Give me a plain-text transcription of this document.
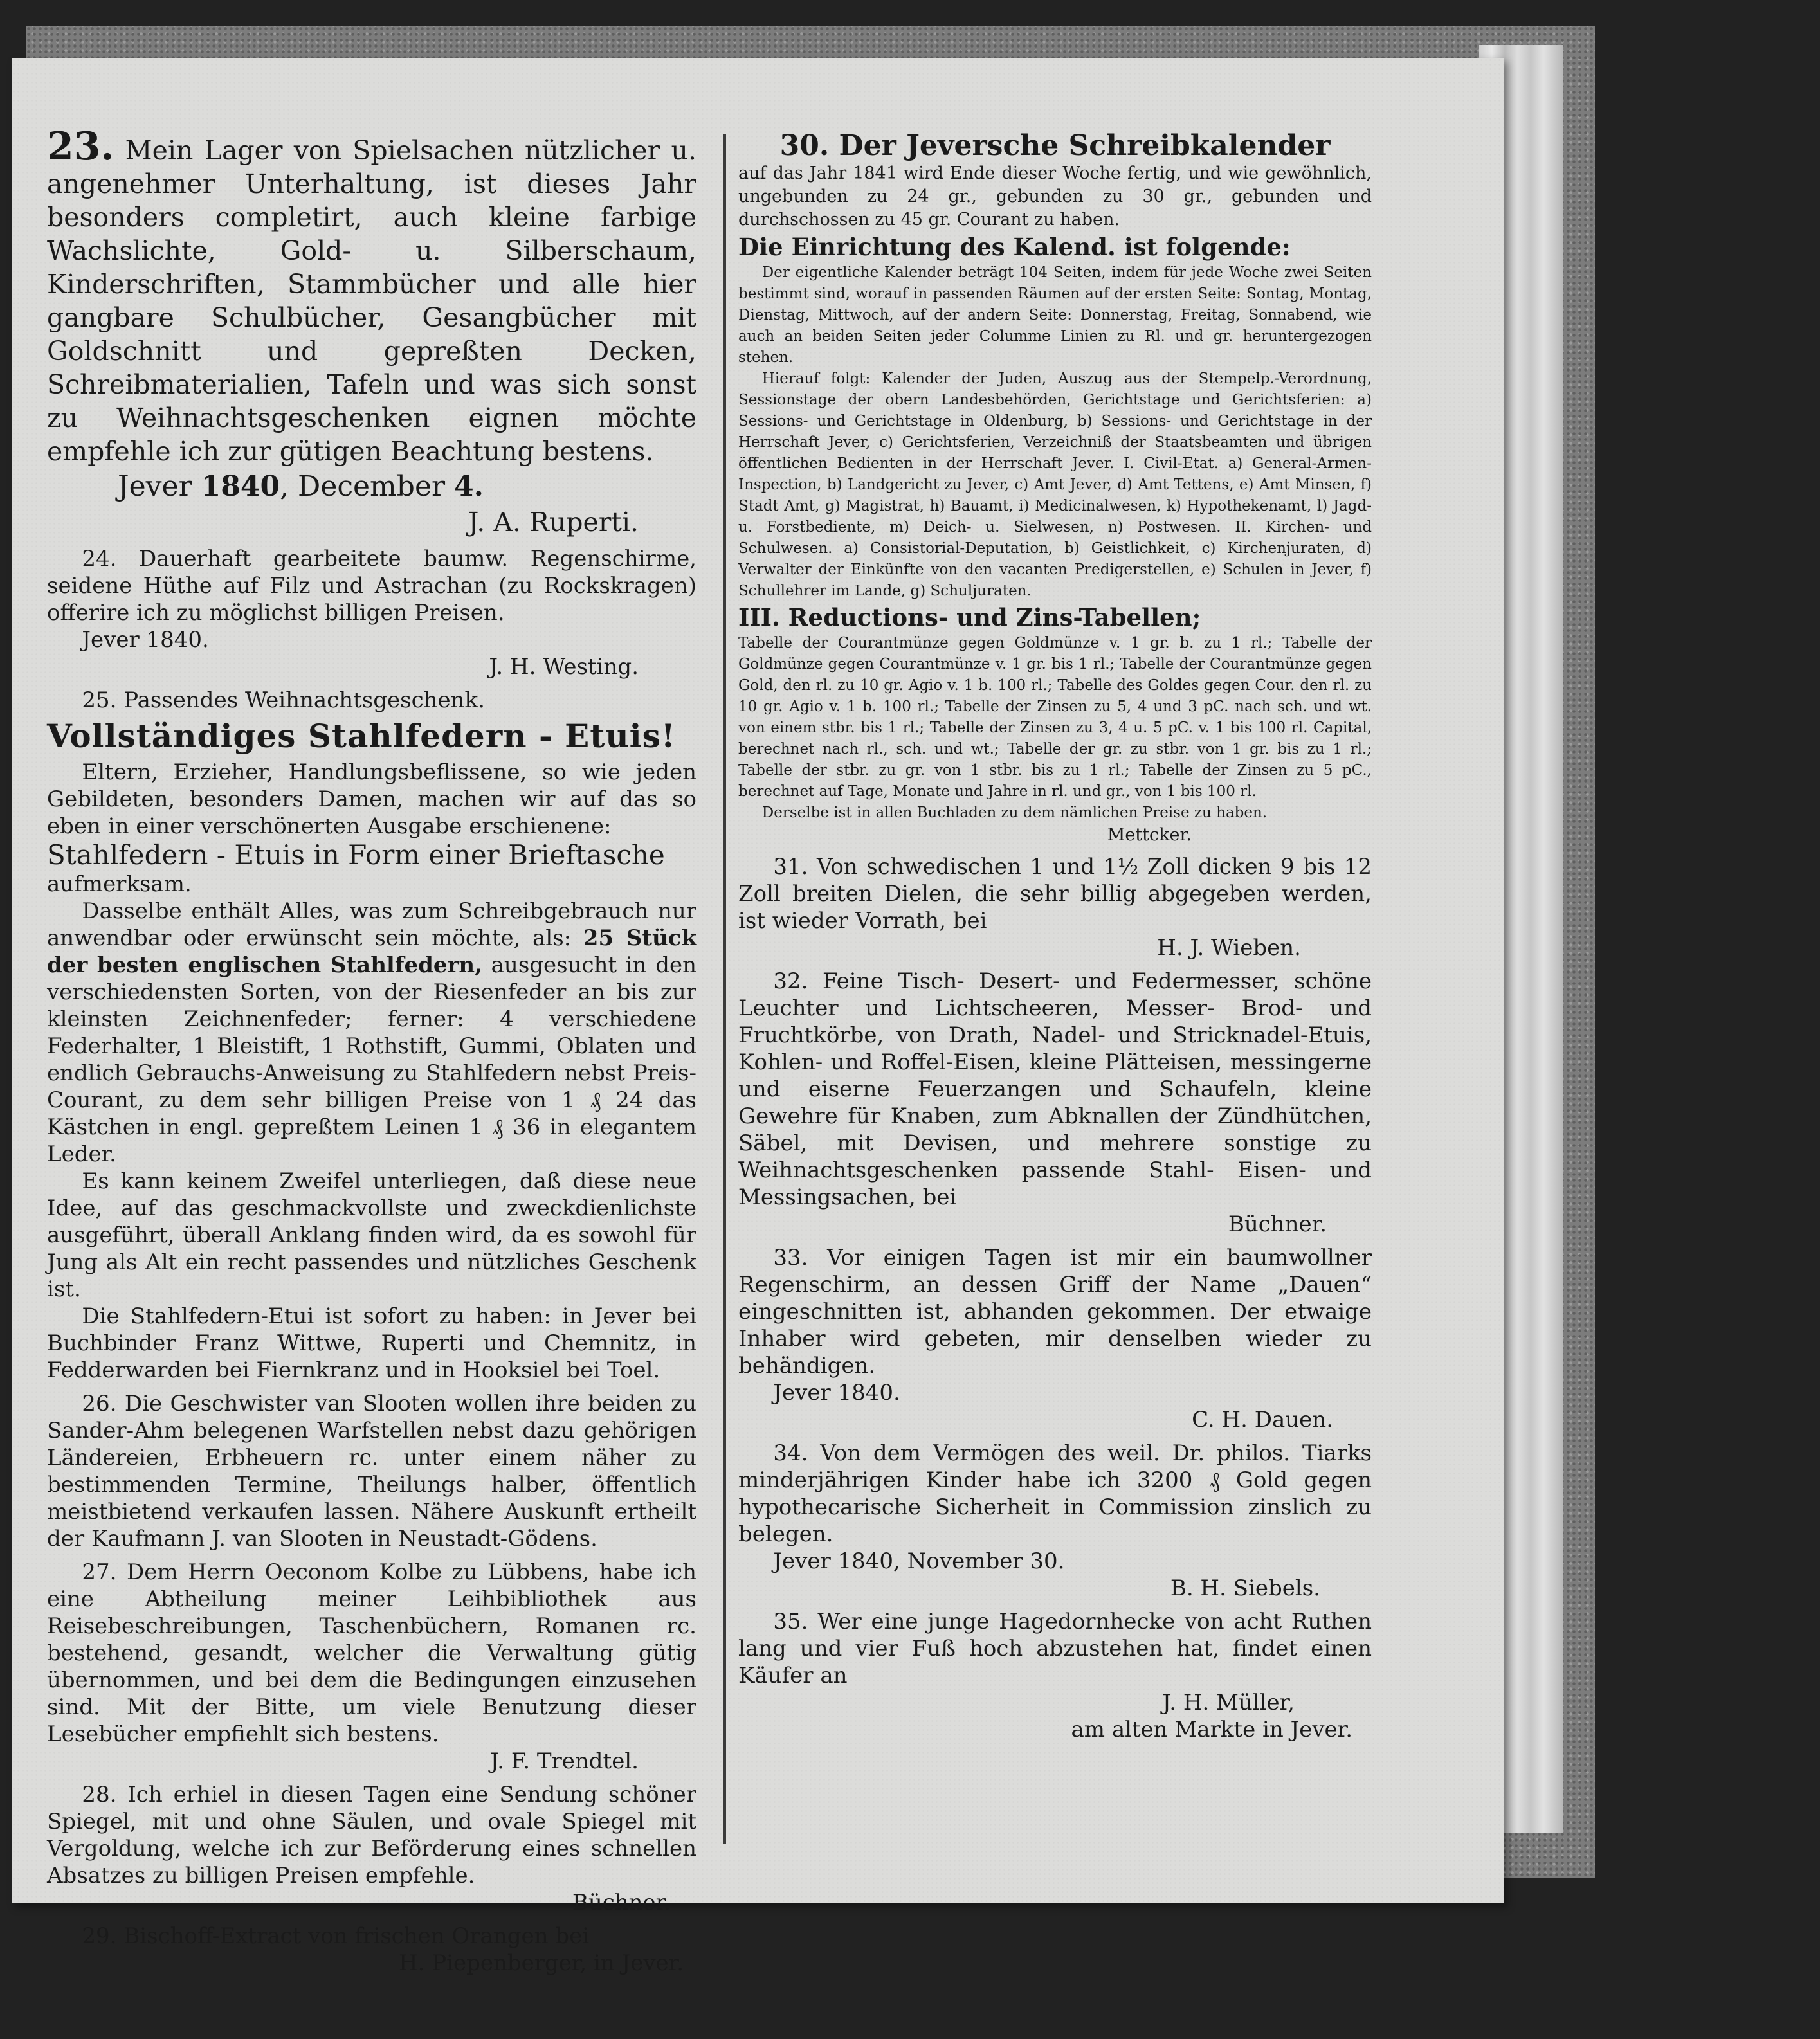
23. Mein Lager von Spielsachen nützlicher u. angenehmer Unterhaltung, ist dieses Jahr besonders completirt, auch kleine farbige Wachslichte, Gold- u. Silberschaum, Kinderschriften, Stammbücher und alle hier gangbare Schulbücher, Gesangbücher mit Goldschnitt und gepreßten Decken, Schreibmaterialien, Tafeln und was sich sonst zu Weihnachtsgeschenken eignen möchte empfehle ich zur gütigen Beachtung bestens.

Jever 1840, December 4.

J. A. Ruperti.

24. Dauerhaft gearbeitete baumw. Regenschirme, seidene Hüthe auf Filz und Astrachan (zu Rockskragen) offerire ich zu möglichst billigen Preisen.

Jever 1840.

J. H. Westing.

25. Passendes Weihnachtsgeschenk.

Vollständiges Stahlfedern - Etuis!

Eltern, Erzieher, Handlungsbeflissene, so wie jeden Gebildeten, besonders Damen, machen wir auf das so eben in einer verschönerten Ausgabe erschienene:

Stahlfedern - Etuis in Form einer Brieftasche

aufmerksam.

Dasselbe enthält Alles, was zum Schreibgebrauch nur anwendbar oder erwünscht sein möchte, als: 25 Stück der besten englischen Stahlfedern, ausgesucht in den verschiedensten Sorten, von der Riesenfeder an bis zur kleinsten Zeichnenfeder; ferner: 4 verschiedene Federhalter, 1 Bleistift, 1 Rothstift, Gummi, Oblaten und endlich Gebrauchs-Anweisung zu Stahlfedern nebst Preis-Courant, zu dem sehr billigen Preise von 1 ₰ 24 das Kästchen in engl. gepreßtem Leinen 1 ₰ 36 in elegantem Leder.

Es kann keinem Zweifel unterliegen, daß diese neue Idee, auf das geschmackvollste und zweckdienlichste ausgeführt, überall Anklang finden wird, da es sowohl für Jung als Alt ein recht passendes und nützliches Geschenk ist.

Die Stahlfedern-Etui ist sofort zu haben: in Jever bei Buchbinder Franz Wittwe, Ruperti und Chemnitz, in Fedderwarden bei Fiernkranz und in Hooksiel bei Toel.

26. Die Geschwister van Slooten wollen ihre beiden zu Sander-Ahm belegenen Warfstellen nebst dazu gehörigen Ländereien, Erbheuern rc. unter einem näher zu bestimmenden Termine, Theilungs halber, öffentlich meistbietend verkaufen lassen. Nähere Auskunft ertheilt der Kaufmann J. van Slooten in Neustadt-Gödens.

27. Dem Herrn Oeconom Kolbe zu Lübbens, habe ich eine Abtheilung meiner Leihbibliothek aus Reisebeschreibungen, Taschenbüchern, Romanen rc. bestehend, gesandt, welcher die Verwaltung gütig übernommen, und bei dem die Bedingungen einzusehen sind. Mit der Bitte, um viele Benutzung dieser Lesebücher empfiehlt sich bestens.

J. F. Trendtel.

28. Ich erhiel in diesen Tagen eine Sendung schöner Spiegel, mit und ohne Säulen, und ovale Spiegel mit Vergoldung, welche ich zur Beförderung eines schnellen Absatzes zu billigen Preisen empfehle.

Büchner.

29. Bischoff-Extract von frischen Orangen bei

H. Piepenberger, in Jever.

30. Der Jeversche Schreibkalender

auf das Jahr 1841 wird Ende dieser Woche fertig, und wie gewöhnlich, ungebunden zu 24 gr., gebunden zu 30 gr., gebunden und durchschossen zu 45 gr. Courant zu haben.

Die Einrichtung des Kalend. ist folgende:

Der eigentliche Kalender beträgt 104 Seiten, indem für jede Woche zwei Seiten bestimmt sind, worauf in passenden Räumen auf der ersten Seite: Sontag, Montag, Dienstag, Mittwoch, auf der andern Seite: Donnerstag, Freitag, Sonnabend, wie auch an beiden Seiten jeder Columme Linien zu Rl. und gr. heruntergezogen stehen.

Hierauf folgt: Kalender der Juden, Auszug aus der Stempelp.-Verordnung, Sessionstage der obern Landesbehörden, Gerichtstage und Gerichtsferien: a) Sessions- und Gerichtstage in Oldenburg, b) Sessions- und Gerichtstage in der Herrschaft Jever, c) Gerichtsferien, Verzeichniß der Staatsbeamten und übrigen öffentlichen Bedienten in der Herrschaft Jever. I. Civil-Etat. a) General-Armen-Inspection, b) Landgericht zu Jever, c) Amt Jever, d) Amt Tettens, e) Amt Minsen, f) Stadt Amt, g) Magistrat, h) Bauamt, i) Medicinalwesen, k) Hypothekenamt, l) Jagd- u. Forstbediente, m) Deich- u. Sielwesen, n) Postwesen. II. Kirchen- und Schulwesen. a) Consistorial-Deputation, b) Geistlichkeit, c) Kirchenjuraten, d) Verwalter der Einkünfte von den vacanten Predigerstellen, e) Schulen in Jever, f) Schullehrer im Lande, g) Schuljuraten.

III. Reductions- und Zins-Tabellen;

Tabelle der Courantmünze gegen Goldmünze v. 1 gr. b. zu 1 rl.; Tabelle der Goldmünze gegen Courantmünze v. 1 gr. bis 1 rl.; Tabelle der Courantmünze gegen Gold, den rl. zu 10 gr. Agio v. 1 b. 100 rl.; Tabelle des Goldes gegen Cour. den rl. zu 10 gr. Agio v. 1 b. 100 rl.; Tabelle der Zinsen zu 5, 4 und 3 pC. nach sch. und wt. von einem stbr. bis 1 rl.; Tabelle der Zinsen zu 3, 4 u. 5 pC. v. 1 bis 100 rl. Capital, berechnet nach rl., sch. und wt.; Tabelle der gr. zu stbr. von 1 gr. bis zu 1 rl.; Tabelle der stbr. zu gr. von 1 stbr. bis zu 1 rl.; Tabelle der Zinsen zu 5 pC., berechnet auf Tage, Monate und Jahre in rl. und gr., von 1 bis 100 rl.

Derselbe ist in allen Buchladen zu dem nämlichen Preise zu haben.

Mettcker.

31. Von schwedischen 1 und 1½ Zoll dicken 9 bis 12 Zoll breiten Dielen, die sehr billig abgegeben werden, ist wieder Vorrath, bei

H. J. Wieben.

32. Feine Tisch- Desert- und Federmesser, schöne Leuchter und Lichtscheeren, Messer- Brod- und Fruchtkörbe, von Drath, Nadel- und Stricknadel-Etuis, Kohlen- und Roffel-Eisen, kleine Plätteisen, messingerne und eiserne Feuerzangen und Schaufeln, kleine Gewehre für Knaben, zum Abknallen der Zündhütchen, Säbel, mit Devisen, und mehrere sonstige zu Weihnachtsgeschenken passende Stahl- Eisen- und Messingsachen, bei

Büchner.

33. Vor einigen Tagen ist mir ein baumwollner Regenschirm, an dessen Griff der Name „Dauen“ eingeschnitten ist, abhanden gekommen. Der etwaige Inhaber wird gebeten, mir denselben wieder zu behändigen.

Jever 1840.

C. H. Dauen.

34. Von dem Vermögen des weil. Dr. philos. Tiarks minderjährigen Kinder habe ich 3200 ₰ Gold gegen hypothecarische Sicherheit in Commission zinslich zu belegen.

Jever 1840, November 30.

B. H. Siebels.

35. Wer eine junge Hagedornhecke von acht Ruthen lang und vier Fuß hoch abzustehen hat, findet einen Käufer an

J. H. Müller,

am alten Markte in Jever.
